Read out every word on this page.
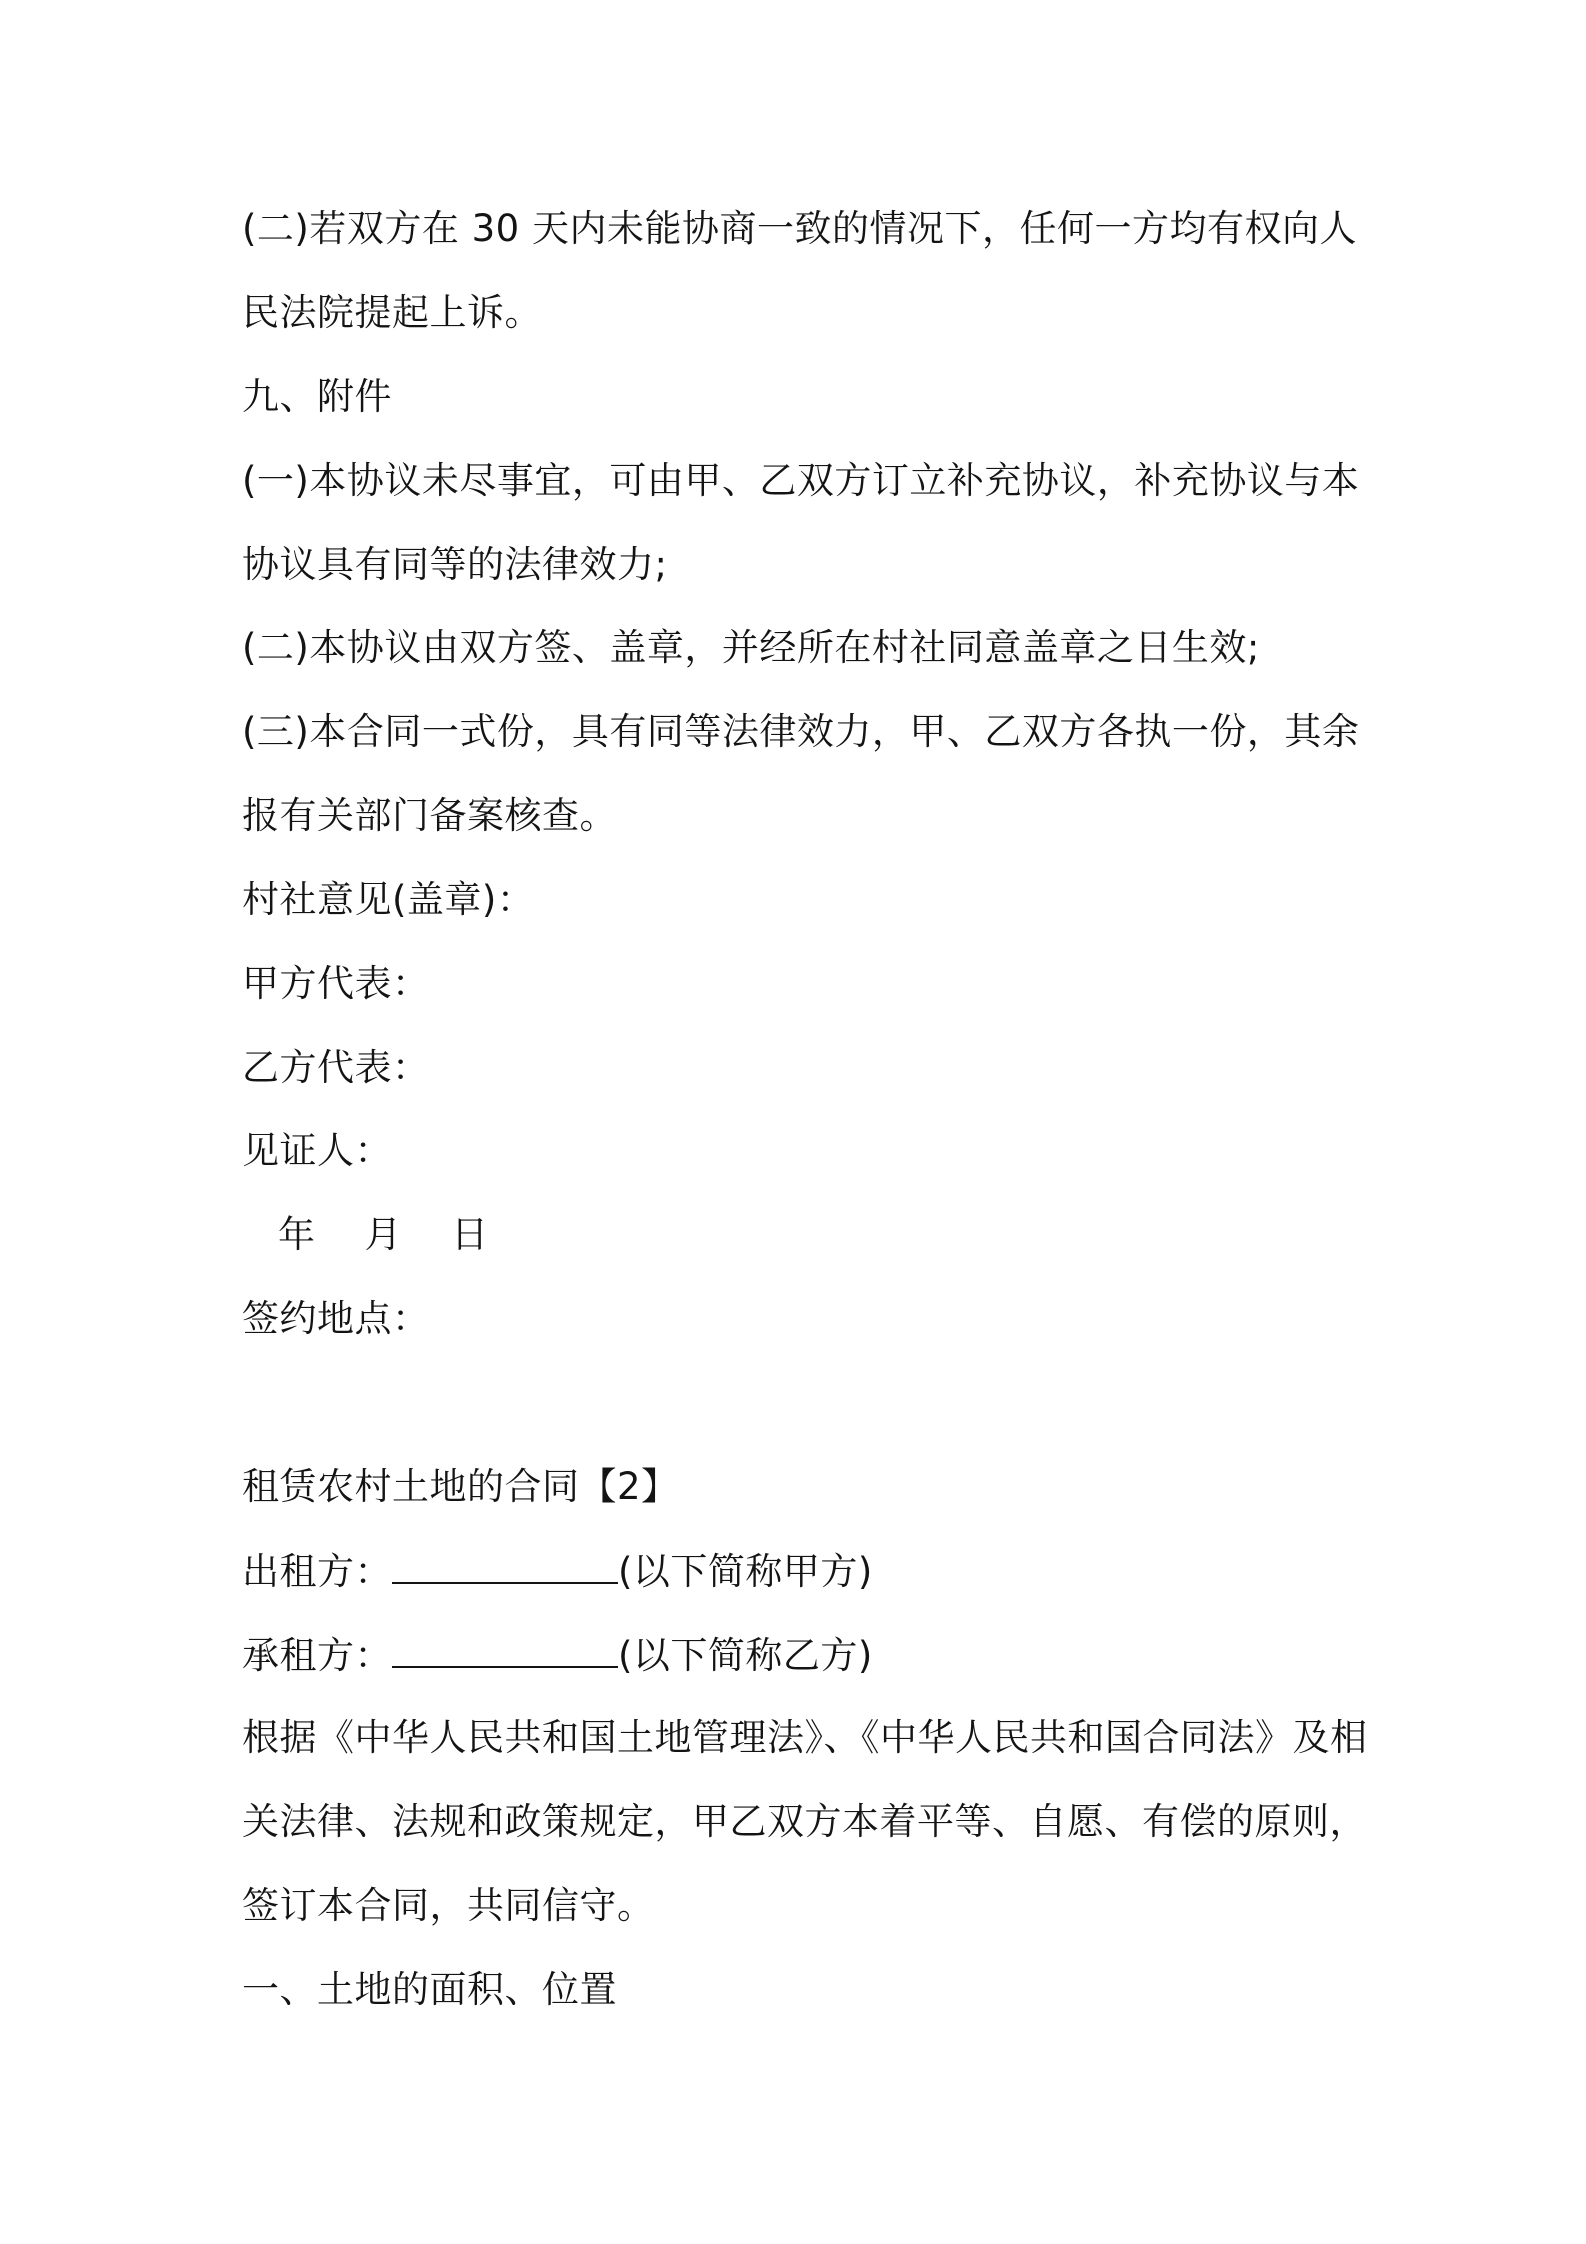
(二)若双方在 30 天内未能协商一致的情况下，任何一方均有权向人
民法院提起上诉。
九、附件
(一)本协议未尽事宜，可由甲、乙双方订立补充协议，补充协议与本
协议具有同等的法律效力;
(二)本协议由双方签、盖章，并经所在村社同意盖章之日生效;
(三)本合同一式份，具有同等法律效力，甲、乙双方各执一份，其余
报有关部门备案核查。
村社意见(盖章)：
甲方代表：
乙方代表：
见证人：
年    月    日
签约地点：
租赁农村土地的合同【2】
出租方：	(以下简称甲方)
承租方：	(以下简称乙方)
根据《中华人民共和国土地管理法》、《中华人民共和国合同法》及相
关法律、法规和政策规定，甲乙双方本着平等、自愿、有偿的原则，
签订本合同，共同信守。
一、土地的面积、位置
